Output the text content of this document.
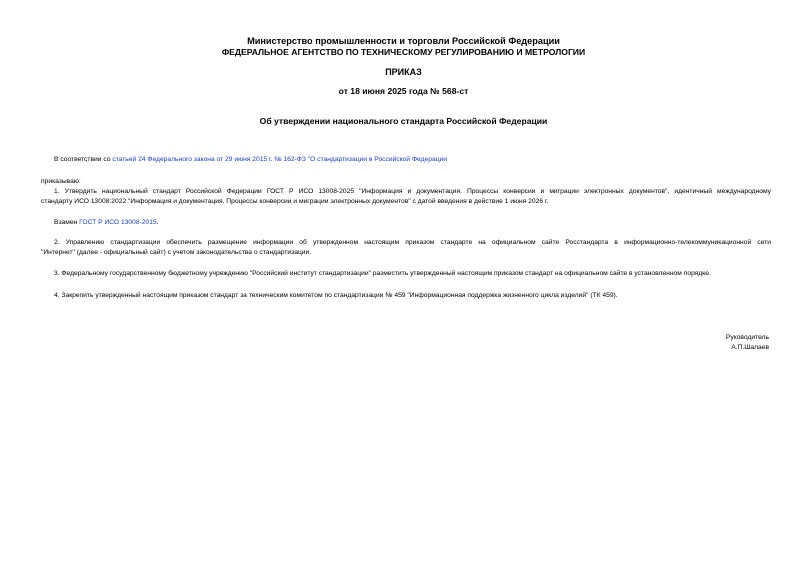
Министерство промышленности и торговли Российской Федерации
ФЕДЕРАЛЬНОЕ АГЕНТСТВО ПО ТЕХНИЧЕСКОМУ РЕГУЛИРОВАНИЮ И МЕТРОЛОГИИ
ПРИКАЗ
от 18 июня 2025 года № 568-ст
Об утверждении национального стандарта Российской Федерации
В соответствии со статьей 24 Федерального закона от 29 июня 2015 г. № 162-ФЗ "О стандартизации в Российской Федерации
приказываю:
1. Утвердить национальный стандарт Российской Федерации ГОСТ Р ИСО 13008-2025 "Информация и документация. Процессы конверсии и миграции электронных документов", идентичный международному
стандарту ИСО 13008:2022 "Информация и документация. Процессы конверсии и миграции электронных документов" с датой введения в действие 1 июня 2026 г.
Взамен ГОСТ Р ИСО 13008-2015.
2. Управлению стандартизации обеспечить размещение информации об утвержденном настоящим приказом стандарте на официальном сайте Росстандарта в информационно-телекоммуникационной сети
"Интернет" (далее - официальный сайт) с учетом законодательства о стандартизации.
3. Федеральному государственному бюджетному учреждению "Российский институт стандартизации" разместить утвержденный настоящим приказом стандарт на официальном сайте в установленном порядке.
4. Закрепить утвержденный настоящим приказом стандарт за техническим комитетом по стандартизации № 459 "Информационная поддержка жизненного цикла изделий" (ТК 459).
Руководитель
А.П.Шалаев
